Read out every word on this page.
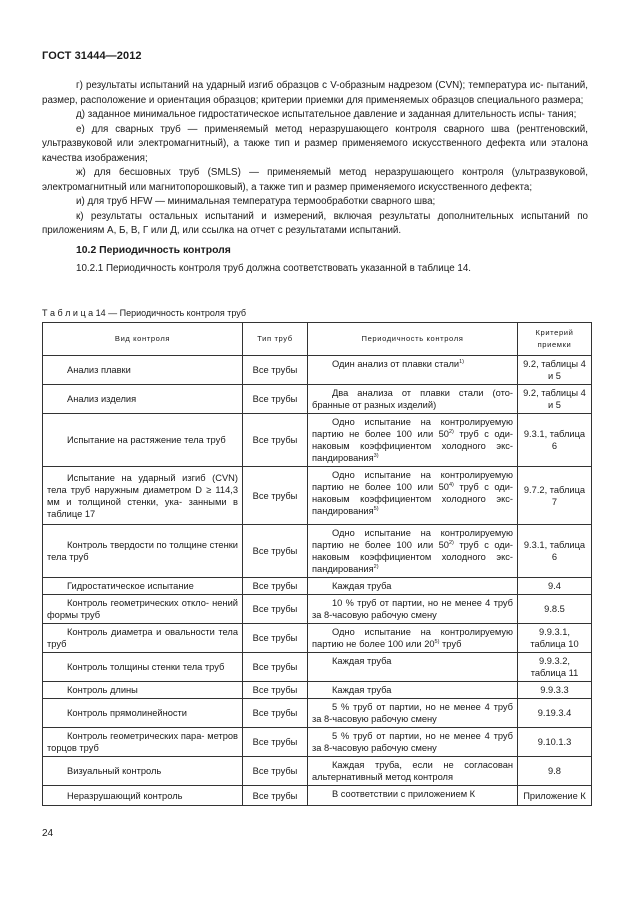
ГОСТ 31444—2012

г) результаты испытаний на ударный изгиб образцов с V-образным надрезом (CVN); температура ис- пытаний, размер, расположение и ориентация образцов; критерии приемки для применяемых образцов специального размера;

д) заданное минимальное гидростатическое испытательное давление и заданная длительность испы- тания;

е) для сварных труб — применяемый метод неразрушающего контроля сварного шва (рентгеновский, ультразвуковой или электромагнитный), а также тип и размер применяемого искусственного дефекта или эталона качества изображения;

ж) для бесшовных труб (SMLS) — применяемый метод неразрушающего контроля (ультразвуковой, электромагнитный или магнитопорошковый), а также тип и размер применяемого искусственного дефекта;

и) для труб HFW — минимальная температура термообработки сварного шва;

к) результаты остальных испытаний и измерений, включая результаты дополнительных испытаний по приложениям А, Б, В, Г или Д, или ссылка на отчет с результатами испытаний.

10.2 Периодичность контроля

10.2.1 Периодичность контроля труб должна соответствовать указанной в таблице 14.

Т а б л и ц а 14 — Периодичность контроля труб
Вид контроля	Тип труб	Периодичность контроля	Критерий приемки
Анализ плавки	Все трубы	Один анализ от плавки стали$^{1)}$	9.2, таблицы 4 и 5
Анализ изделия	Все трубы	Два анализа от плавки стали (ото- бранные от разных изделий)	9.2, таблицы 4 и 5
Испытание на растяжение тела труб	Все трубы	Одно испытание на контролируемую партию не более 100 или 50$^{2)}$ труб с оди- наковым коэффициентом холодного экс- пандирования$^{3)}$	9.3.1, таблица 6
Испытание на ударный изгиб (CVN) тела труб наружным диаметром D ≥ 114,3 мм и толщиной стенки, ука- занными в таблице 17	Все трубы	Одно испытание на контролируемую партию не более 100 или 50$^{4)}$ труб с оди- наковым коэффициентом холодного экс- пандирования$^{5)}$	9.7.2, таблица 7
Контроль твердости по толщине стенки тела труб	Все трубы	Одно испытание на контролируемую партию не более 100 или 50$^{2)}$ труб с оди- наковым коэффициентом холодного экс- пандирования$^{2)}$	9.3.1, таблица 6
Гидростатическое испытание	Все трубы	Каждая труба	9.4
Контроль геометрических откло- нений формы труб	Все трубы	10 % труб от партии, но не менее 4 труб за 8-часовую рабочую смену	9.8.5
Контроль диаметра и овальности тела труб	Все трубы	Одно испытание на контролируемую партию не более 100 или 20$^{5)}$ труб	9.9.3.1, таблица 10
Контроль толщины стенки тела труб	Все трубы	Каждая труба	9.9.3.2, таблица 11
Контроль длины	Все трубы	Каждая труба	9.9.3.3
Контроль прямолинейности	Все трубы	5 % труб от партии, но не менее 4 труб за 8-часовую рабочую смену	9.19.3.4
Контроль геометрических пара- метров торцов труб	Все трубы	5 % труб от партии, но не менее 4 труб за 8-часовую рабочую смену	9.10.1.3
Визуальный контроль	Все трубы	Каждая труба, если не согласован альтернативный метод контроля	9.8
Неразрушающий контроль	Все трубы	В соответствии с приложением К	Приложение К
24
